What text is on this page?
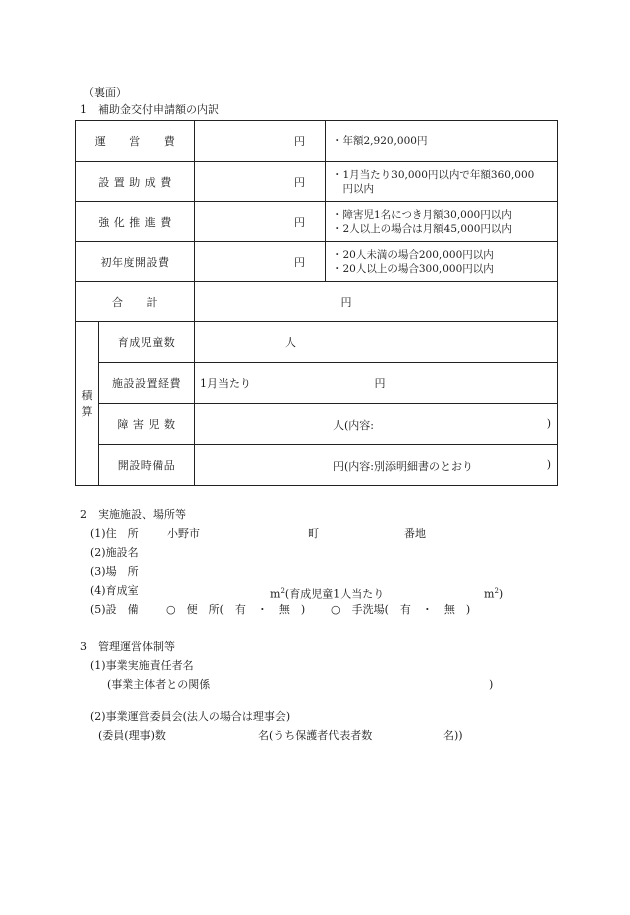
（裏面）
1　補助金交付申請額の内訳
運　　営　　費		円	・年額2,920,000円

設 置 助 成 費		円	・1月当たり30,000円以内で年額360,000
　円以内

強 化 推 進 費		円	・障害児1名につき月額30,000円以内
・2人以上の場合は月額45,000円以内

初年度開設費		円	・20人未満の場合200,000円以内
・20人以上の場合300,000円以内

合　　計		円	

積
算	育成児童数	人	
	施設設置経費	1月当たり 円	
	障 害 児 数	人(内容: )	

	開設時備品	円(内容:別添明細書のとおり )	
2　実施施設、場所等
(1)住　所	小野市	町	番地
(2)施設名
(3)場　所
(4)育成室	$m^2$(育成児童1人当たり	$m^2$)
(5)設　備 ○　便　所(　有　・　無　) ○　手洗場(　有　・　無　)
3　管理運営体制等
(1)事業実施責任者名
(事業主体者との関係	)
(2)事業運営委員会(法人の場合は理事会)
(委員(理事)数	名(うち保護者代表者数	名))
